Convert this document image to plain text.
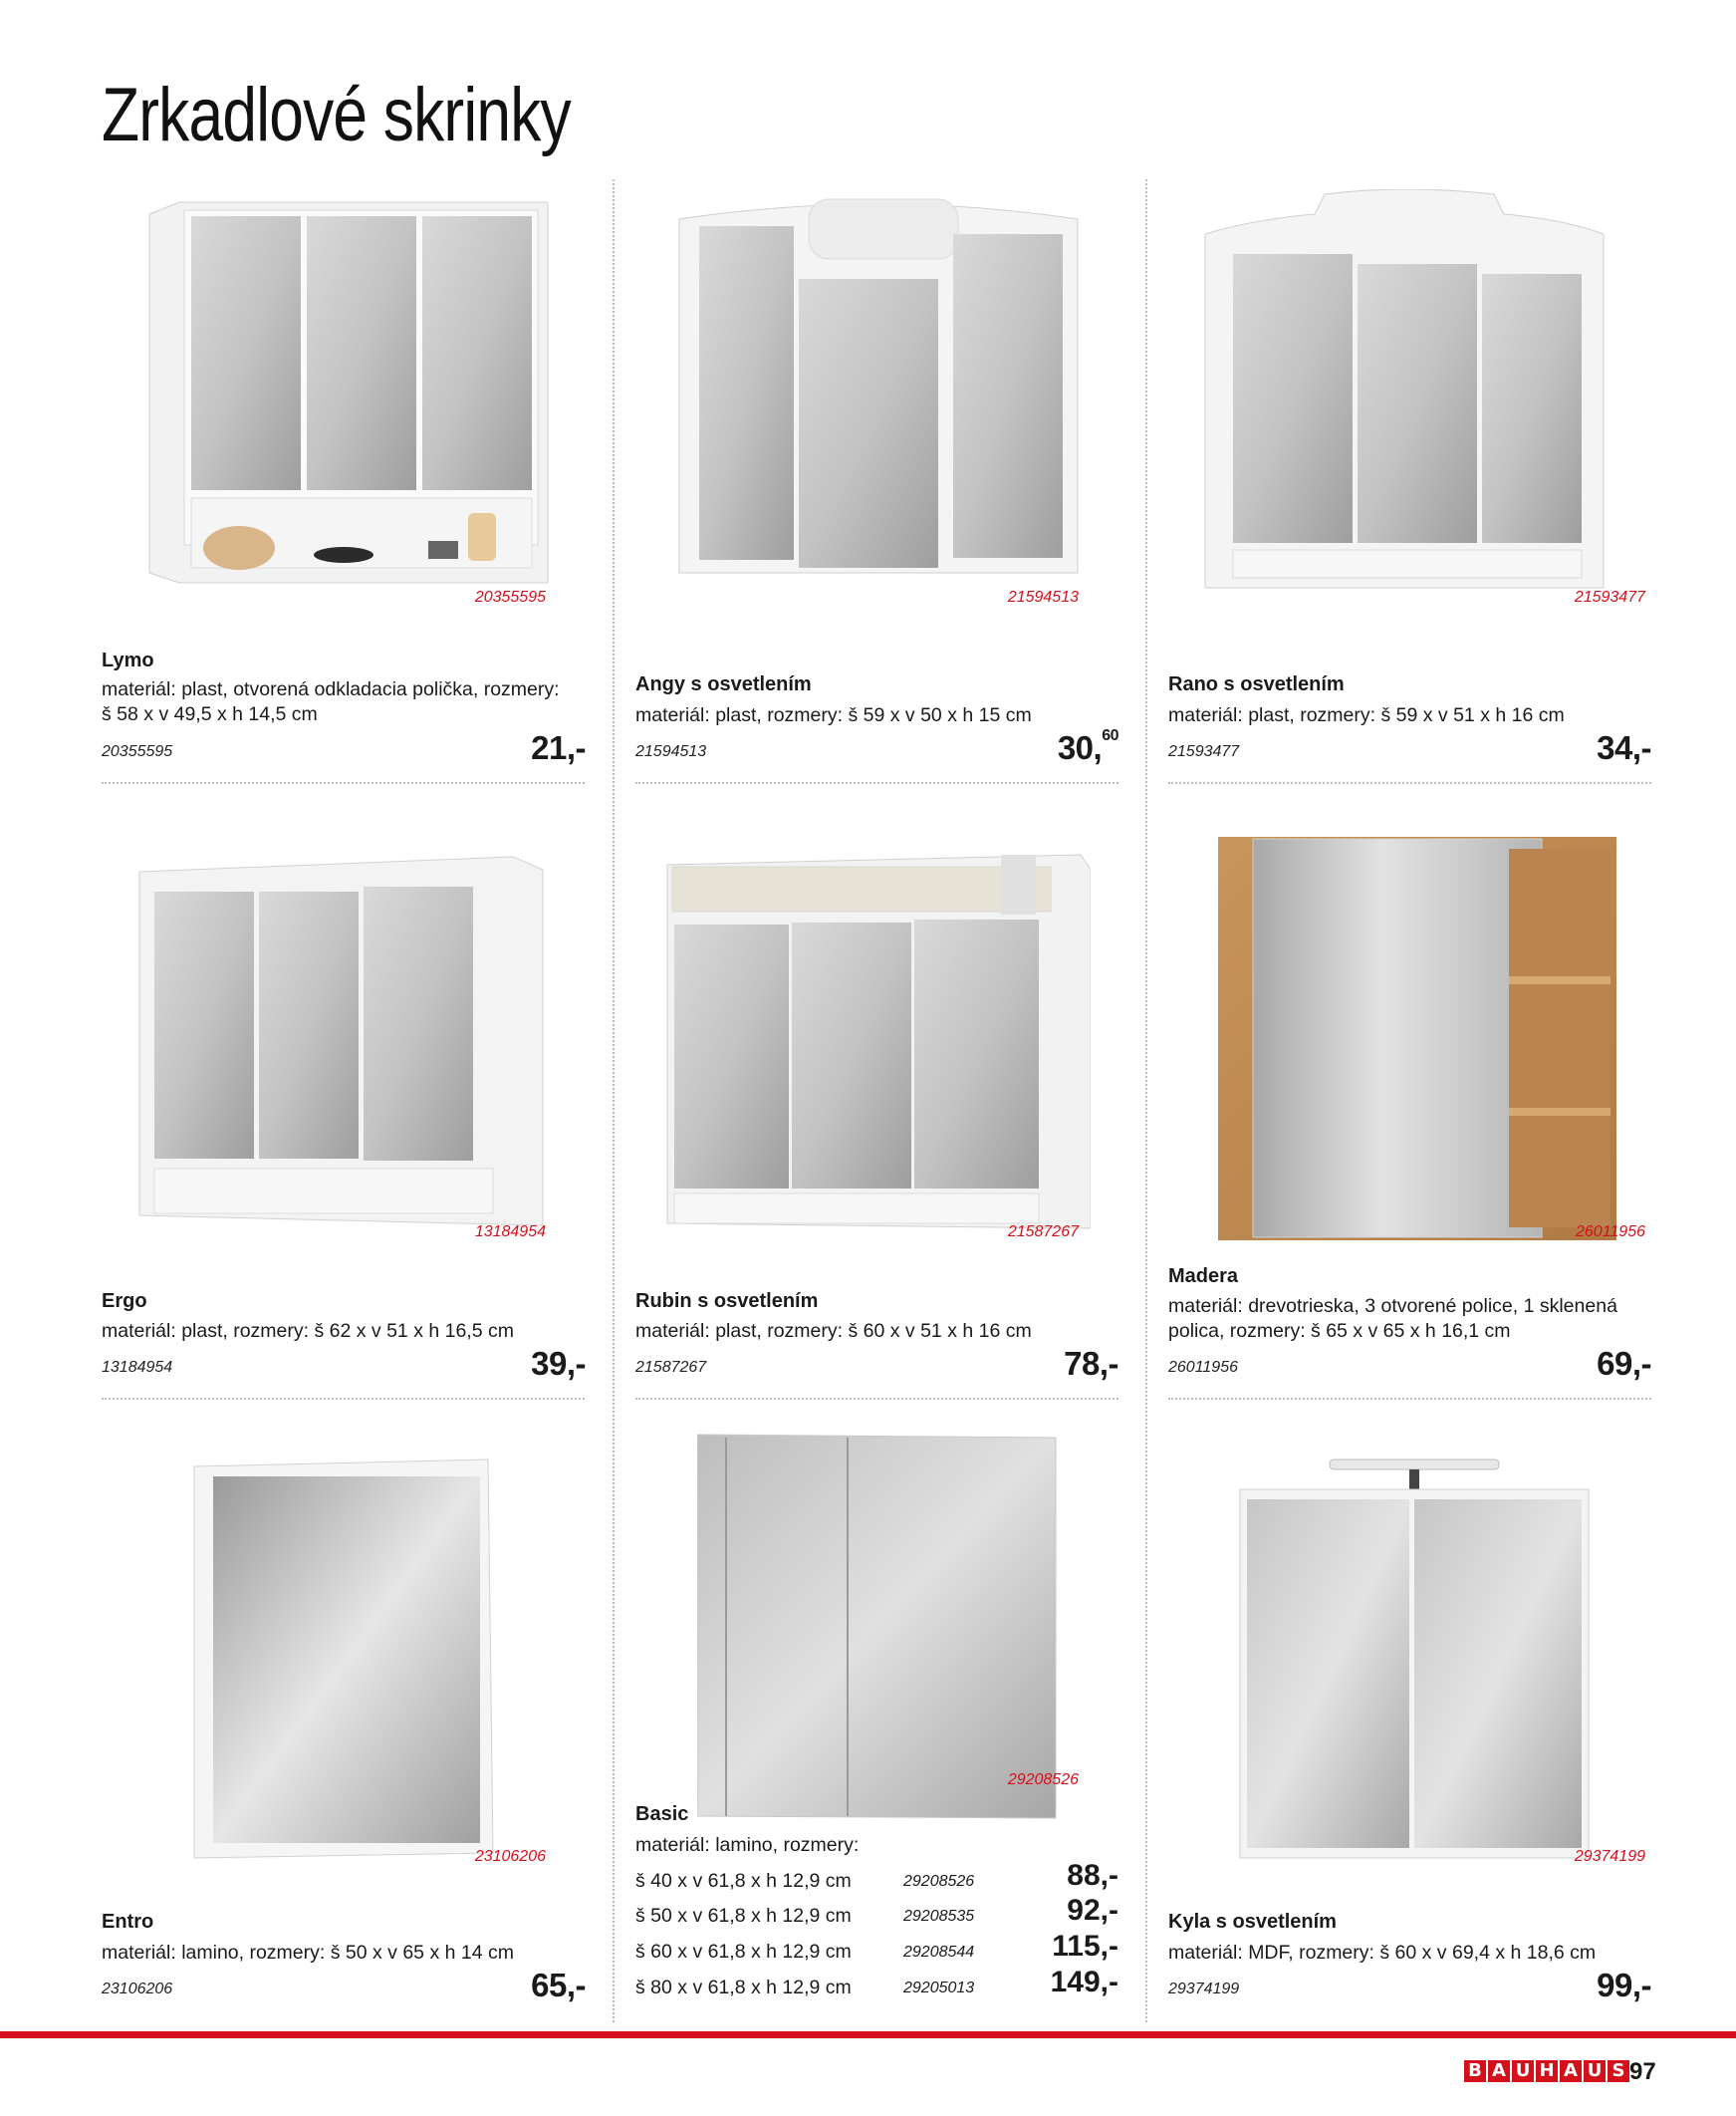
Zrkadlové skrinky
20355595
Lymo
materiál: plast, otvorená odkladacia polička, rozmery:
š 58 x v 49,5 x h 14,5 cm
20355595	21,-
21594513
Angy s osvetlením
materiál: plast, rozmery: š 59 x v 50 x h 15 cm
21594513	30,60
21593477
Rano s osvetlením
materiál: plast, rozmery: š 59 x v 51 x h 16 cm
21593477	34,-
13184954
Ergo
materiál: plast, rozmery: š 62 x v 51 x h 16,5 cm
13184954	39,-
21587267
Rubin s osvetlením
materiál: plast, rozmery: š 60 x v 51 x h 16 cm
21587267	78,-
26011956
Madera
materiál: drevotrieska, 3 otvorené police, 1 sklenená
polica, rozmery: š 65 x v 65 x h 16,1 cm
26011956	69,-
23106206
Entro
materiál: lamino, rozmery: š 50 x v 65 x h 14 cm
23106206	65,-
29208526
Basic
materiál: lamino, rozmery:
š 40 x v 61,8 x h 12,9 cm	29208526	88,-
š 50 x v 61,8 x h 12,9 cm	29208535	92,-
š 60 x v 61,8 x h 12,9 cm	29208544	115,-
š 80 x v 61,8 x h 12,9 cm	29205013	149,-
29374199
Kyla s osvetlením
materiál: MDF, rozmery: š 60 x v 69,4 x h 18,6 cm
29374199	99,-
B A U H A U S 97
